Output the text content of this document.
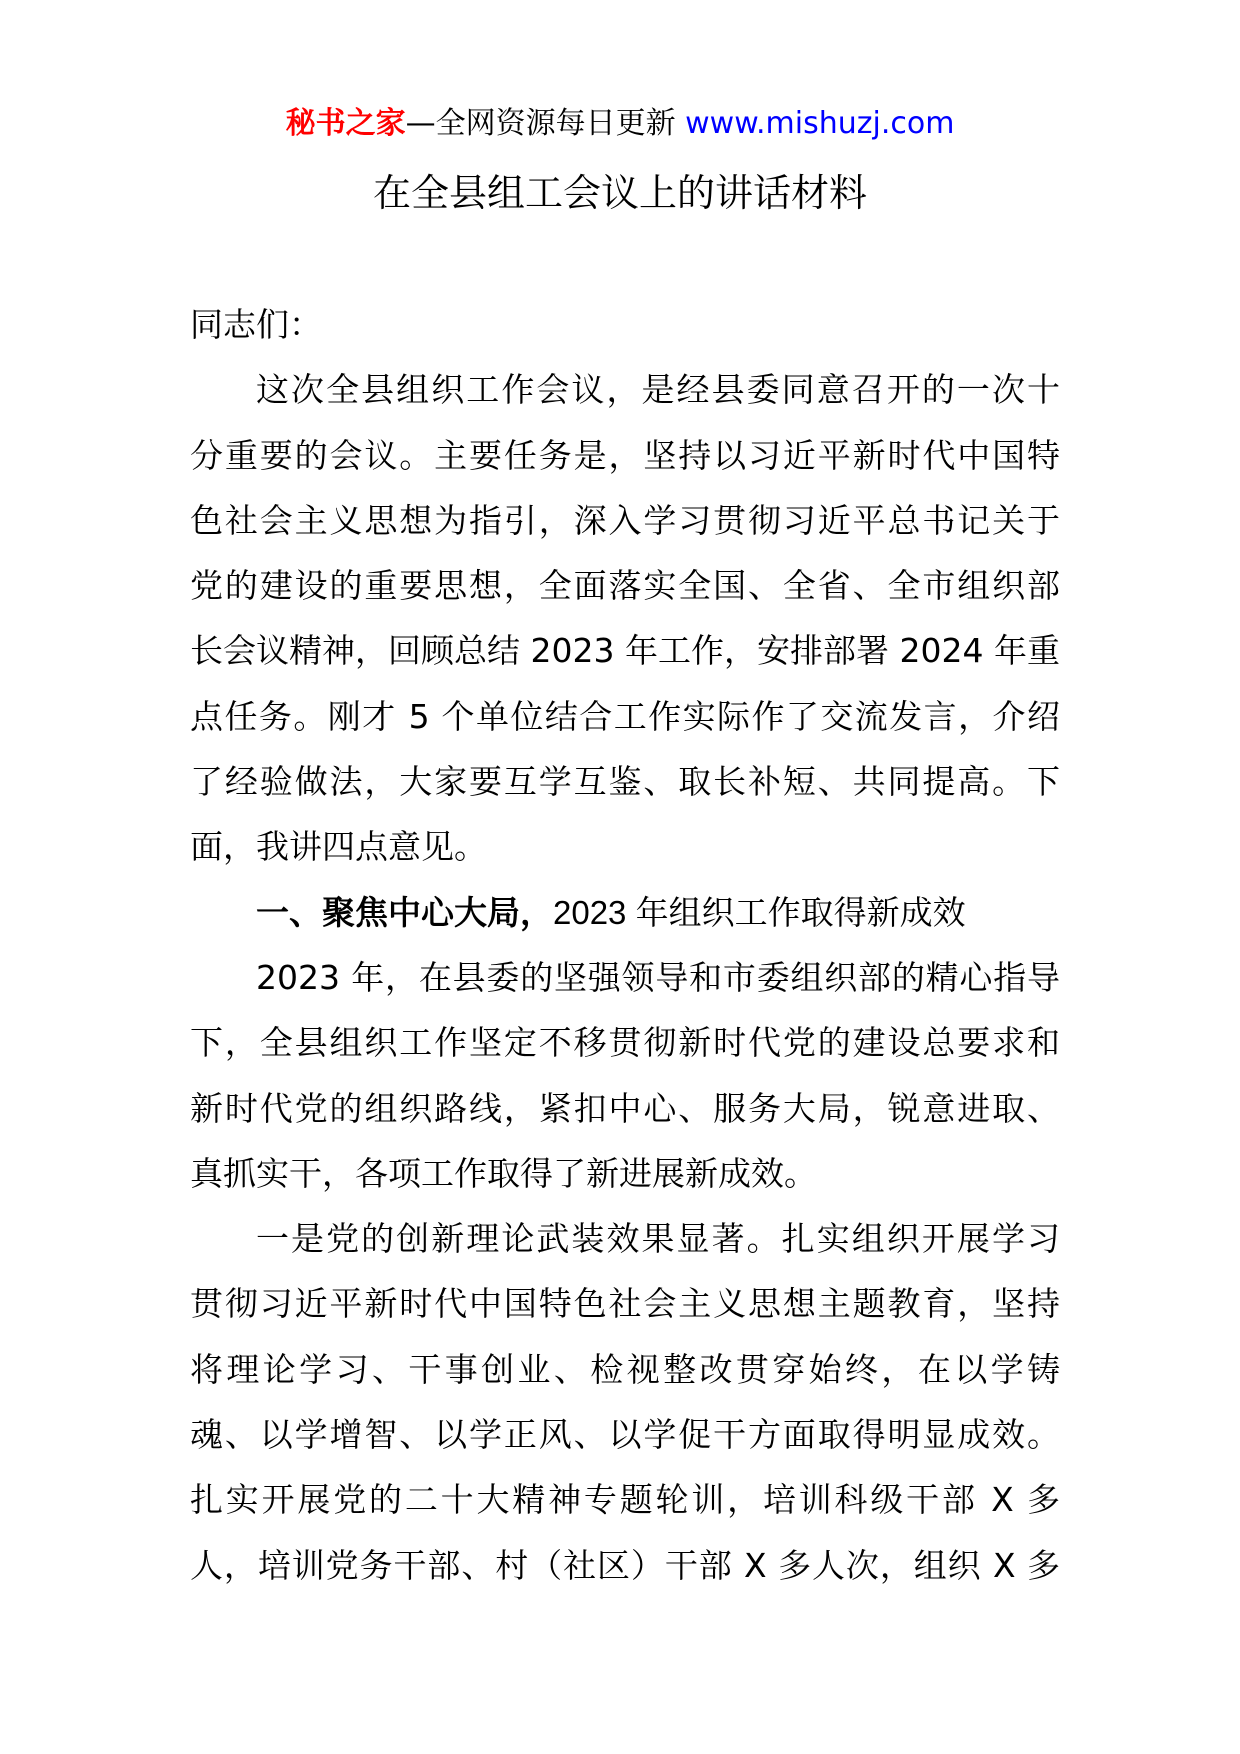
秘书之家—全网资源每日更新 www.mishuzj.com
在全县组工会议上的讲话材料
同志们：
这次全县组织工作会议，是经县委同意召开的一次十
分重要的会议。主要任务是，坚持以习近平新时代中国特
色社会主义思想为指引，深入学习贯彻习近平总书记关于
党的建设的重要思想，全面落实全国、全省、全市组织部
长会议精神，回顾总结 2023 年工作，安排部署 2024 年重
点任务。刚才 5 个单位结合工作实际作了交流发言，介绍
了经验做法，大家要互学互鉴、取长补短、共同提高。下
面，我讲四点意见。
一、聚焦中心大局，2023 年组织工作取得新成效
2023 年，在县委的坚强领导和市委组织部的精心指导
下，全县组织工作坚定不移贯彻新时代党的建设总要求和
新时代党的组织路线，紧扣中心、服务大局，锐意进取、
真抓实干，各项工作取得了新进展新成效。
一是党的创新理论武装效果显著。扎实组织开展学习
贯彻习近平新时代中国特色社会主义思想主题教育，坚持
将理论学习、干事创业、检视整改贯穿始终，在以学铸
魂、以学增智、以学正风、以学促干方面取得明显成效。
扎实开展党的二十大精神专题轮训，培训科级干部 X 多
人，培训党务干部、村（社区）干部 X 多人次，组织 X 多
